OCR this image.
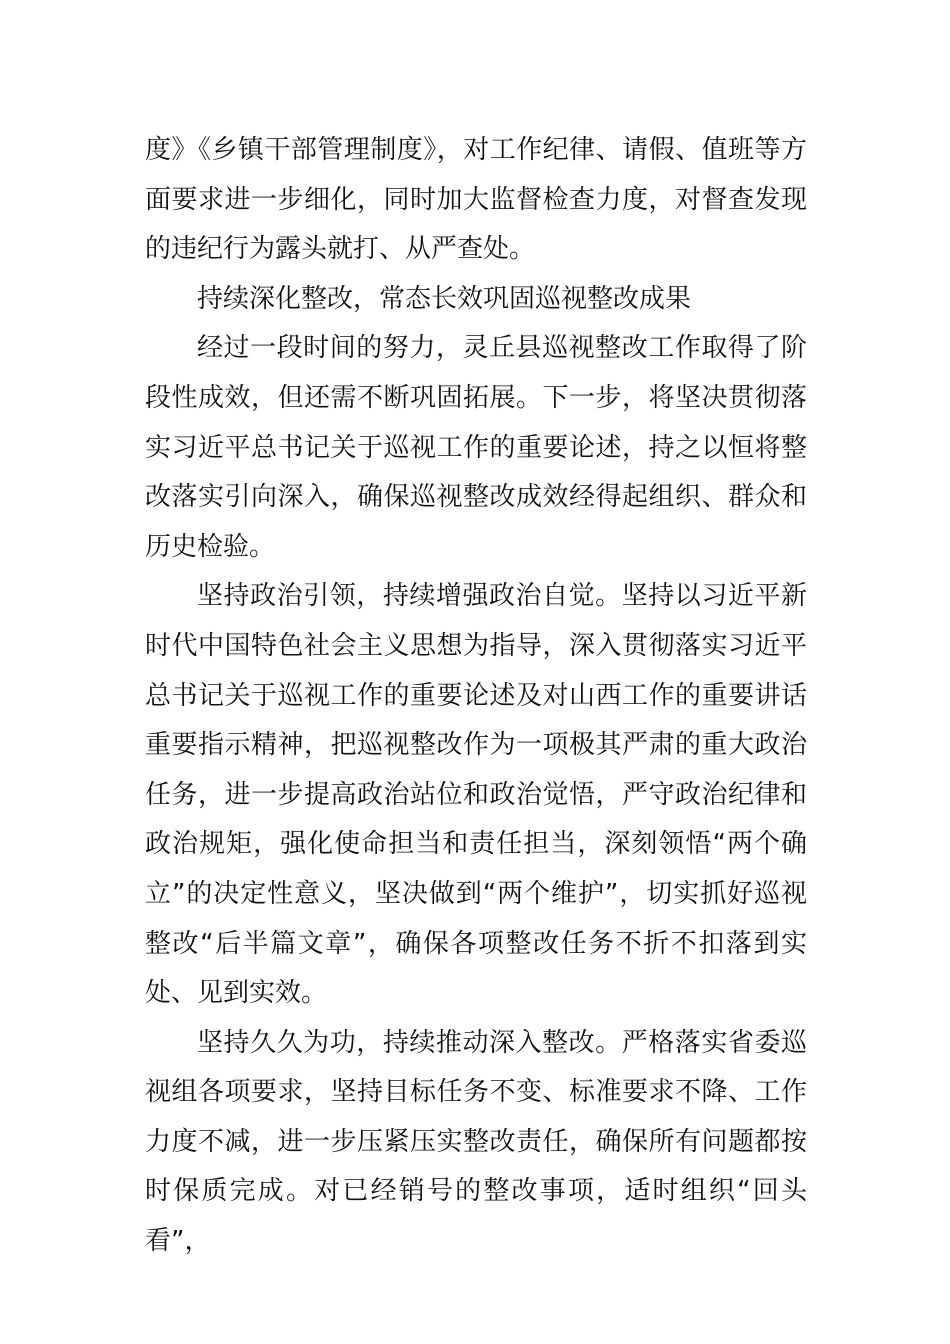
度》《乡镇干部管理制度》，对工作纪律、请假、值班等方面要求进一步细化，同时加大监督检查力度，对督查发现的违纪行为露头就打、从严查处。

持续深化整改，常态长效巩固巡视整改成果

经过一段时间的努力，灵丘县巡视整改工作取得了阶段性成效，但还需不断巩固拓展。下一步，将坚决贯彻落实习近平总书记关于巡视工作的重要论述，持之以恒将整改落实引向深入，确保巡视整改成效经得起组织、群众和历史检验。

坚持政治引领，持续增强政治自觉。坚持以习近平新时代中国特色社会主义思想为指导，深入贯彻落实习近平总书记关于巡视工作的重要论述及对山西工作的重要讲话重要指示精神，把巡视整改作为一项极其严肃的重大政治任务，进一步提高政治站位和政治觉悟，严守政治纪律和政治规矩，强化使命担当和责任担当，深刻领悟“两个确立”的决定性意义，坚决做到“两个维护”，切实抓好巡视整改“后半篇文章”，确保各项整改任务不折不扣落到实处、见到实效。

坚持久久为功，持续推动深入整改。严格落实省委巡视组各项要求，坚持目标任务不变、标准要求不降、工作力度不减，进一步压紧压实整改责任，确保所有问题都按时保质完成。对已经销号的整改事项，适时组织“回头看”，
